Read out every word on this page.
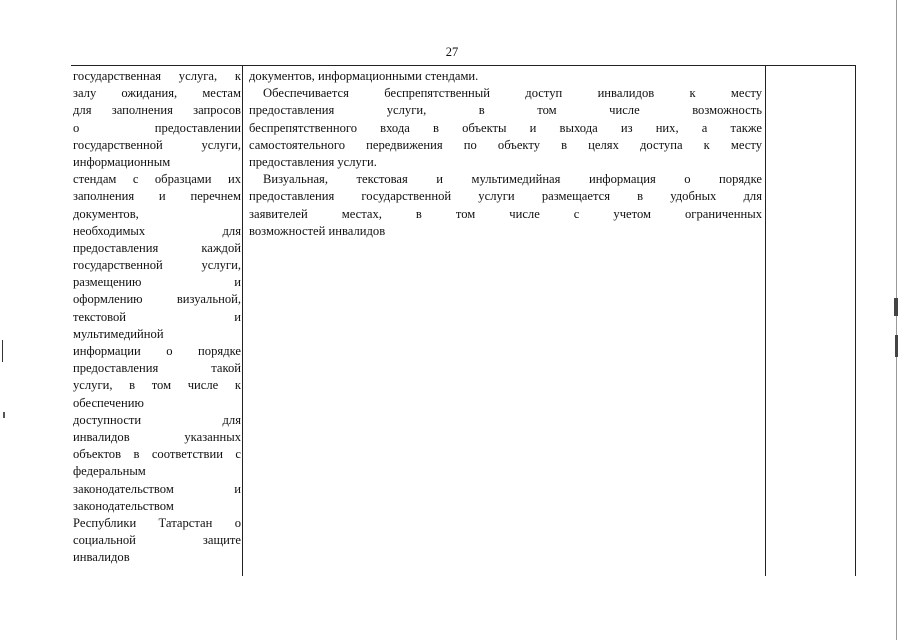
27
государственная услуга, к
залу ожидания, местам
для заполнения запросов
о предоставлении
государственной услуги,
информационным
стендам с образцами их
заполнения и перечнем
документов,
необходимых для
предоставления каждой
государственной услуги,
размещению и
оформлению визуальной,
текстовой и
мультимедийной
информации о порядке
предоставления такой
услуги, в том числе к
обеспечению
доступности для
инвалидов указанных
объектов в соответствии с
федеральным
законодательством и
законодательством
Республики Татарстан о
социальной защите
инвалидов
документов, информационными стендами.
Обеспечивается беспрепятственный доступ инвалидов к месту
предоставления услуги, в том числе возможность
беспрепятственного входа в объекты и выхода из них, а также
самостоятельного передвижения по объекту в целях доступа к месту
предоставления услуги.
Визуальная, текстовая и мультимедийная информация о порядке
предоставления государственной услуги размещается в удобных для
заявителей местах, в том числе с учетом ограниченных
возможностей инвалидов
